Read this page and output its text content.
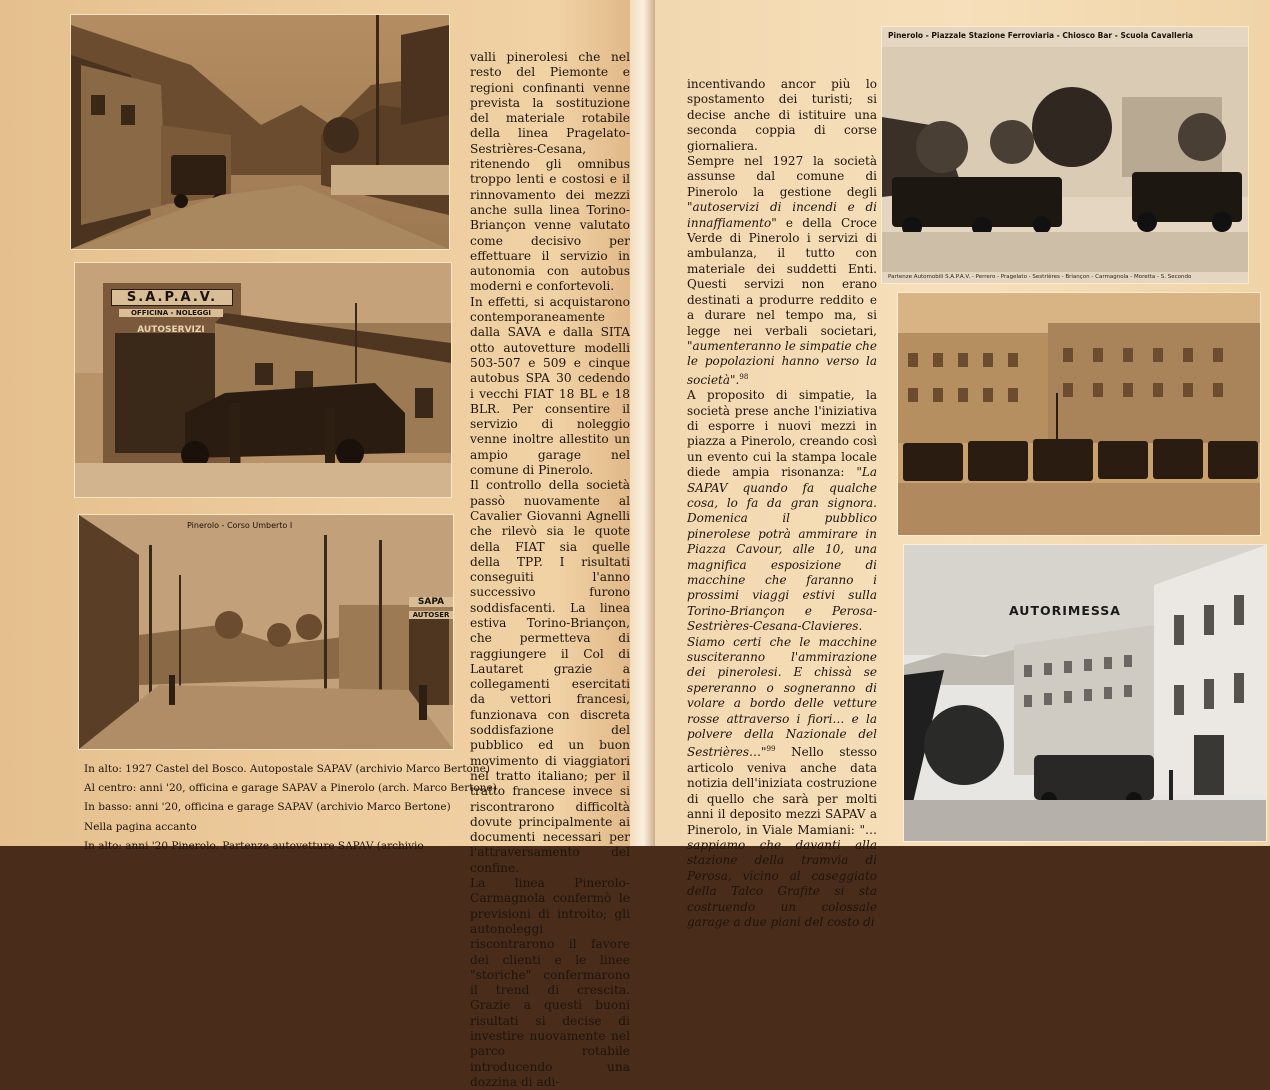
S.A.P.A.V.
OFFICINA - NOLEGGI
AUTOSERVIZI
Pinerolo - Corso Umberto I
SAPA
AUTOSER

valli pinerolesi che nel resto del Piemonte e regioni confinanti venne prevista la sostituzione del materiale rotabile della linea Pragelato-Sestrières-Cesana, ritenendo gli omnibus troppo lenti e costosi e il rinnovamento dei mezzi anche sulla linea Torino-Briançon venne valutato come decisivo per effettuare il servizio in autonomia con autobus moderni e confortevoli.

In effetti, si acquistarono contemporaneamente dalla SAVA e dalla SITA otto autovetture modelli 503-507 e 509 e cinque autobus SPA 30 cedendo i vecchi FIAT 18 BL e 18 BLR. Per consentire il servizio di noleggio venne inoltre allestito un ampio garage nel comune di Pinerolo.

Il controllo della società passò nuovamente al Cavalier Giovanni Agnelli che rilevò sia le quote della FIAT sia quelle della TPP. I risultati conseguiti l'anno successivo furono soddisfacenti. La linea estiva Torino-Briançon, che permetteva di raggiungere il Col di Lautaret grazie a collegamenti esercitati da vettori francesi, funzionava con discreta soddisfazione del pubblico ed un buon movimento di viaggiatori nel tratto italiano; per il tratto francese invece si riscontrarono difficoltà dovute principalmente ai documenti necessari per l'attraversamento del confine.

La linea Pinerolo-Carmagnola confermò le previsioni di introito; gli autonoleggi riscontrarono il favore dei clienti e le linee "storiche" confermarono il trend di crescita. Grazie a questi buoni risultati si decise di investire nuovamente nel parco rotabile introducendo una dozzina di adi-

In alto: 1927 Castel del Bosco. Autopostale SAPAV (archivio Marco Bertone)
Al centro: anni '20, officina e garage SAPAV a Pinerolo (arch. Marco Bertone)
In basso: anni '20, officina e garage SAPAV (archivio Marco Bertone)
Nella pagina accanto
In alto: anni '20 Pinerolo. Partenze autovetture SAPAV (archivio

incentivando ancor più lo spostamento dei turisti; si decise anche di istituire una seconda coppia di corse giornaliera.

Sempre nel 1927 la società assunse dal comune di Pinerolo la gestione degli "autoservizi di incendi e di innaffiamento" e della Croce Verde di Pinerolo i servizi di ambulanza, il tutto con materiale dei suddetti Enti. Questi servizi non erano destinati a produrre reddito e a durare nel tempo ma, si legge nei verbali societari, "aumenteranno le simpatie che le popolazioni hanno verso la società".$^{98}$

A proposito di simpatie, la società prese anche l'iniziativa di esporre i nuovi mezzi in piazza a Pinerolo, creando così un evento cui la stampa locale diede ampia risonanza: "La SAPAV quando fa qualche cosa, lo fa da gran signora. Domenica il pubblico pinerolese potrà ammirare in Piazza Cavour, alle 10, una magnifica esposizione di macchine che faranno i prossimi viaggi estivi sulla Torino-Briançon e Perosa-Sestrières-Cesana-Clavieres. Siamo certi che le macchine susciteranno l'ammirazione dei pinerolesi. E chissà se spereranno o sogneranno di volare a bordo delle vetture rosse attraverso i fiori… e la polvere della Nazionale del Sestrières…"$^{99}$ Nello stesso articolo veniva anche data notizia dell'iniziata costruzione di quello che sarà per molti anni il deposito mezzi SAPAV a Pinerolo, in Viale Mamiani: "… sappiamo che davanti alla stazione della tramvia di Perosa, vicino al caseggiato della Talco Grafite si sta costruendo un colossale garage a due piani del costo di

Pinerolo - Piazzale Stazione Ferroviaria - Chiosco Bar - Scuola Cavalleria
Partenze Automobili S.A.P.A.V. - Perrero - Pragelato - Sestrières - Briançon - Carmagnola - Moretta - S. Secondo
AUTORIMESSA
